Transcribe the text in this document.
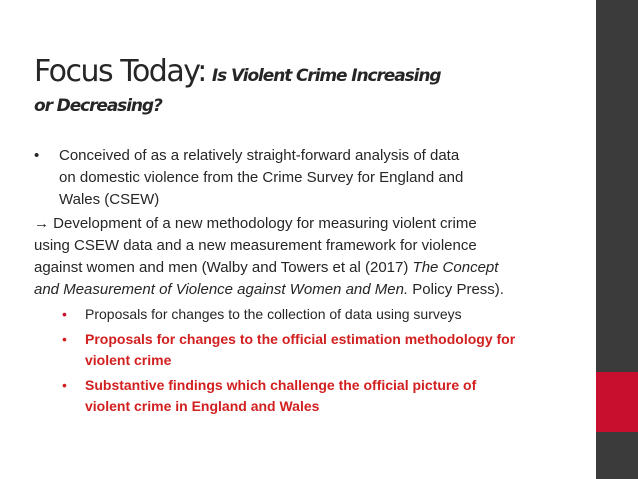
Focus Today: Is Violent Crime Increasing
or Decreasing?
• Conceived of as a relatively straight-forward analysis of data
on domestic violence from the Crime Survey for England and
Wales (CSEW)
→ Development of a new methodology for measuring violent crime
using CSEW data and a new measurement framework for violence
against women and men (Walby and Towers et al (2017) The Concept
and Measurement of Violence against Women and Men. Policy Press).
• Proposals for changes to the collection of data using surveys
• Proposals for changes to the official estimation methodology for
violent crime
• Substantive findings which challenge the official picture of
violent crime in England and Wales
